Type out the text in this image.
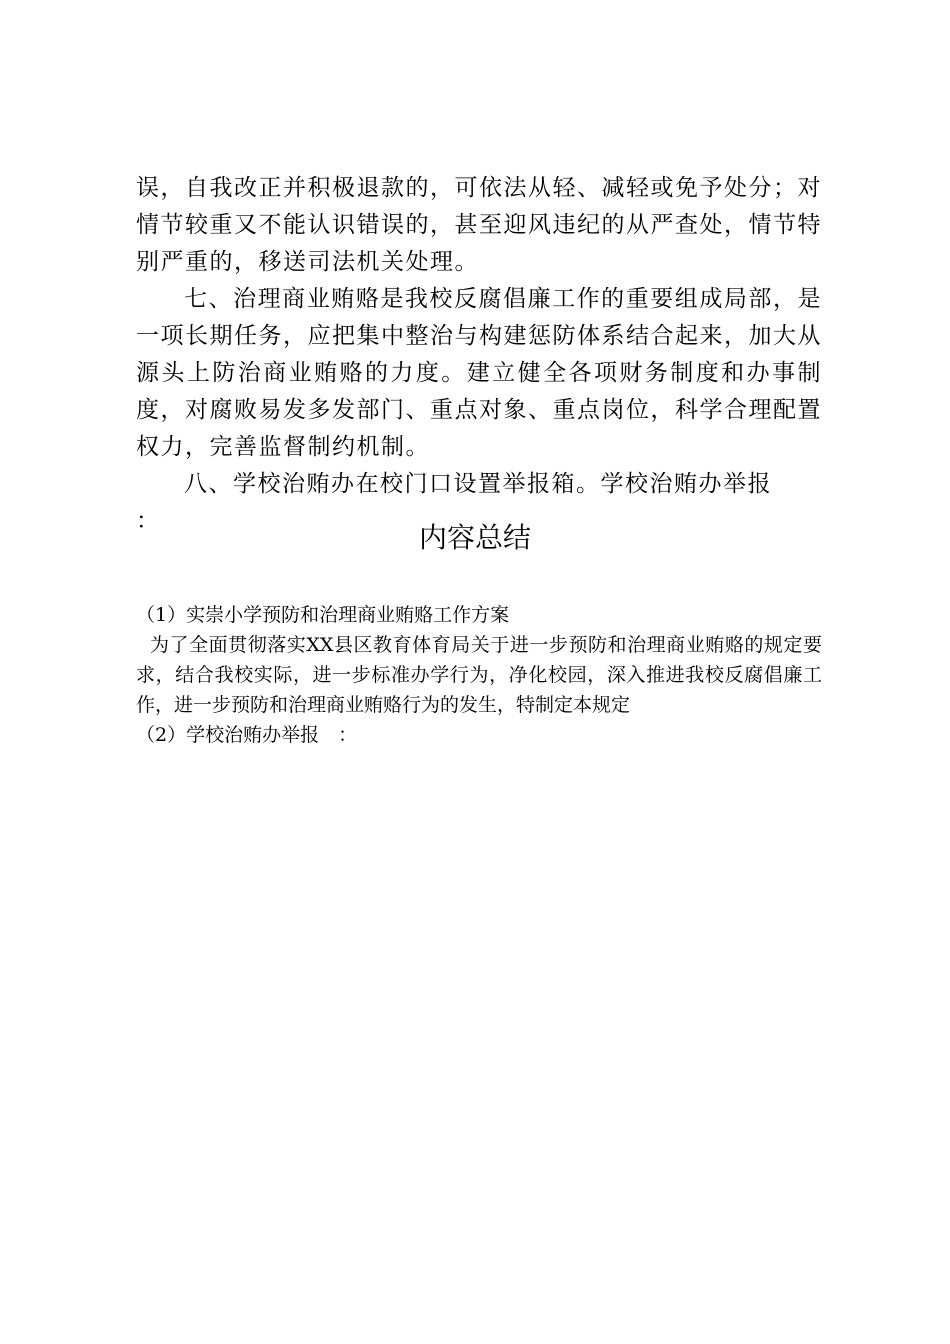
误，自我改正并积极退款的，可依法从轻、减轻或免予处分；对情节较重又不能认识错误的，甚至迎风违纪的从严查处，情节特别严重的，移送司法机关处理。

七、治理商业贿赂是我校反腐倡廉工作的重要组成局部，是一项长期任务，应把集中整治与构建惩防体系结合起来，加大从源头上防治商业贿赂的力度。建立健全各项财务制度和办事制度，对腐败易发多发部门、重点对象、重点岗位，科学合理配置权力，完善监督制约机制。

八、学校治贿办在校门口设置举报箱。学校治贿办举报

：	内容总结

（1）实崇小学预防和治理商业贿赂工作方案

为了全面贯彻落实XX县区教育体育局关于进一步预防和治理商业贿赂的规定要求，结合我校实际，进一步标准办学行为，净化校园，深入推进我校反腐倡廉工作，进一步预防和治理商业贿赂行为的发生，特制定本规定

（2）学校治贿办举报　：
